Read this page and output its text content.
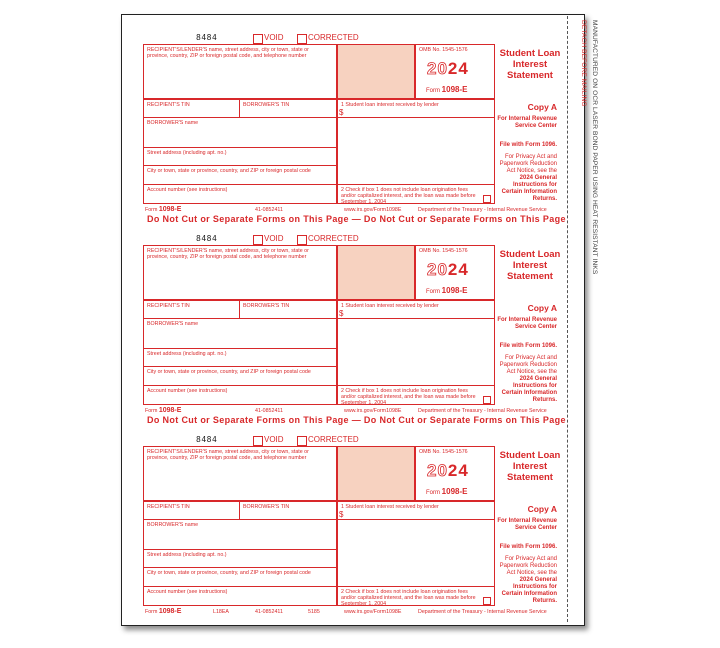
DETACH BEFORE MAILING MANUFACTURED ON OCR LASER BOND PAPER USING HEAT RESISTANT INKS
8484	VOID	CORRECTED
RECIPIENT'S/LENDER'S name, street address, city or town, state or province, country, ZIP or foreign postal code, and telephone number
OMB No. 1545-1576
2024
Form 1098-E
Student Loan Interest Statement
RECIPIENT'S TIN	BORROWER'S TIN	1 Student loan interest received by lender
$
BORROWER'S name
Street address (including apt. no.)
City or town, state or province, country, and ZIP or foreign postal code
Account number (see instructions)	2 Check if box 1 does not include loan origination fees and/or capitalized interest, and the loan was made before September 1, 2004
Copy A
For Internal Revenue Service Center
File with Form 1096.
For Privacy Act and Paperwork Reduction Act Notice, see the
2024 General Instructions for Certain Information Returns.
Form 1098-E	41-0852411	www.irs.gov/Form1098E	Department of the Treasury - Internal Revenue Service
Do Not Cut or Separate Forms on This Page — Do Not Cut or Separate Forms on This Page
8484	VOID	CORRECTED
RECIPIENT'S/LENDER'S name, street address, city or town, state or province, country, ZIP or foreign postal code, and telephone number
OMB No. 1545-1576
2024
Form 1098-E
Student Loan Interest Statement
RECIPIENT'S TIN	BORROWER'S TIN	1 Student loan interest received by lender
$
BORROWER'S name
Street address (including apt. no.)
City or town, state or province, country, and ZIP or foreign postal code
Account number (see instructions)	2 Check if box 1 does not include loan origination fees and/or capitalized interest, and the loan was made before September 1, 2004
Copy A
For Internal Revenue Service Center
File with Form 1096.
For Privacy Act and Paperwork Reduction Act Notice, see the
2024 General Instructions for Certain Information Returns.
Form 1098-E	41-0852411	www.irs.gov/Form1098E	Department of the Treasury - Internal Revenue Service
Do Not Cut or Separate Forms on This Page — Do Not Cut or Separate Forms on This Page
8484	VOID	CORRECTED
RECIPIENT'S/LENDER'S name, street address, city or town, state or province, country, ZIP or foreign postal code, and telephone number
OMB No. 1545-1576
2024
Form 1098-E
Student Loan Interest Statement
RECIPIENT'S TIN	BORROWER'S TIN	1 Student loan interest received by lender
$
BORROWER'S name
Street address (including apt. no.)
City or town, state or province, country, and ZIP or foreign postal code
Account number (see instructions)	2 Check if box 1 does not include loan origination fees and/or capitalized interest, and the loan was made before September 1, 2004
Copy A
For Internal Revenue Service Center
File with Form 1096.
For Privacy Act and Paperwork Reduction Act Notice, see the
2024 General Instructions for Certain Information Returns.
Form 1098-E	41-0852411	www.irs.gov/Form1098E	Department of the Treasury - Internal Revenue Service
L18EA	5185
